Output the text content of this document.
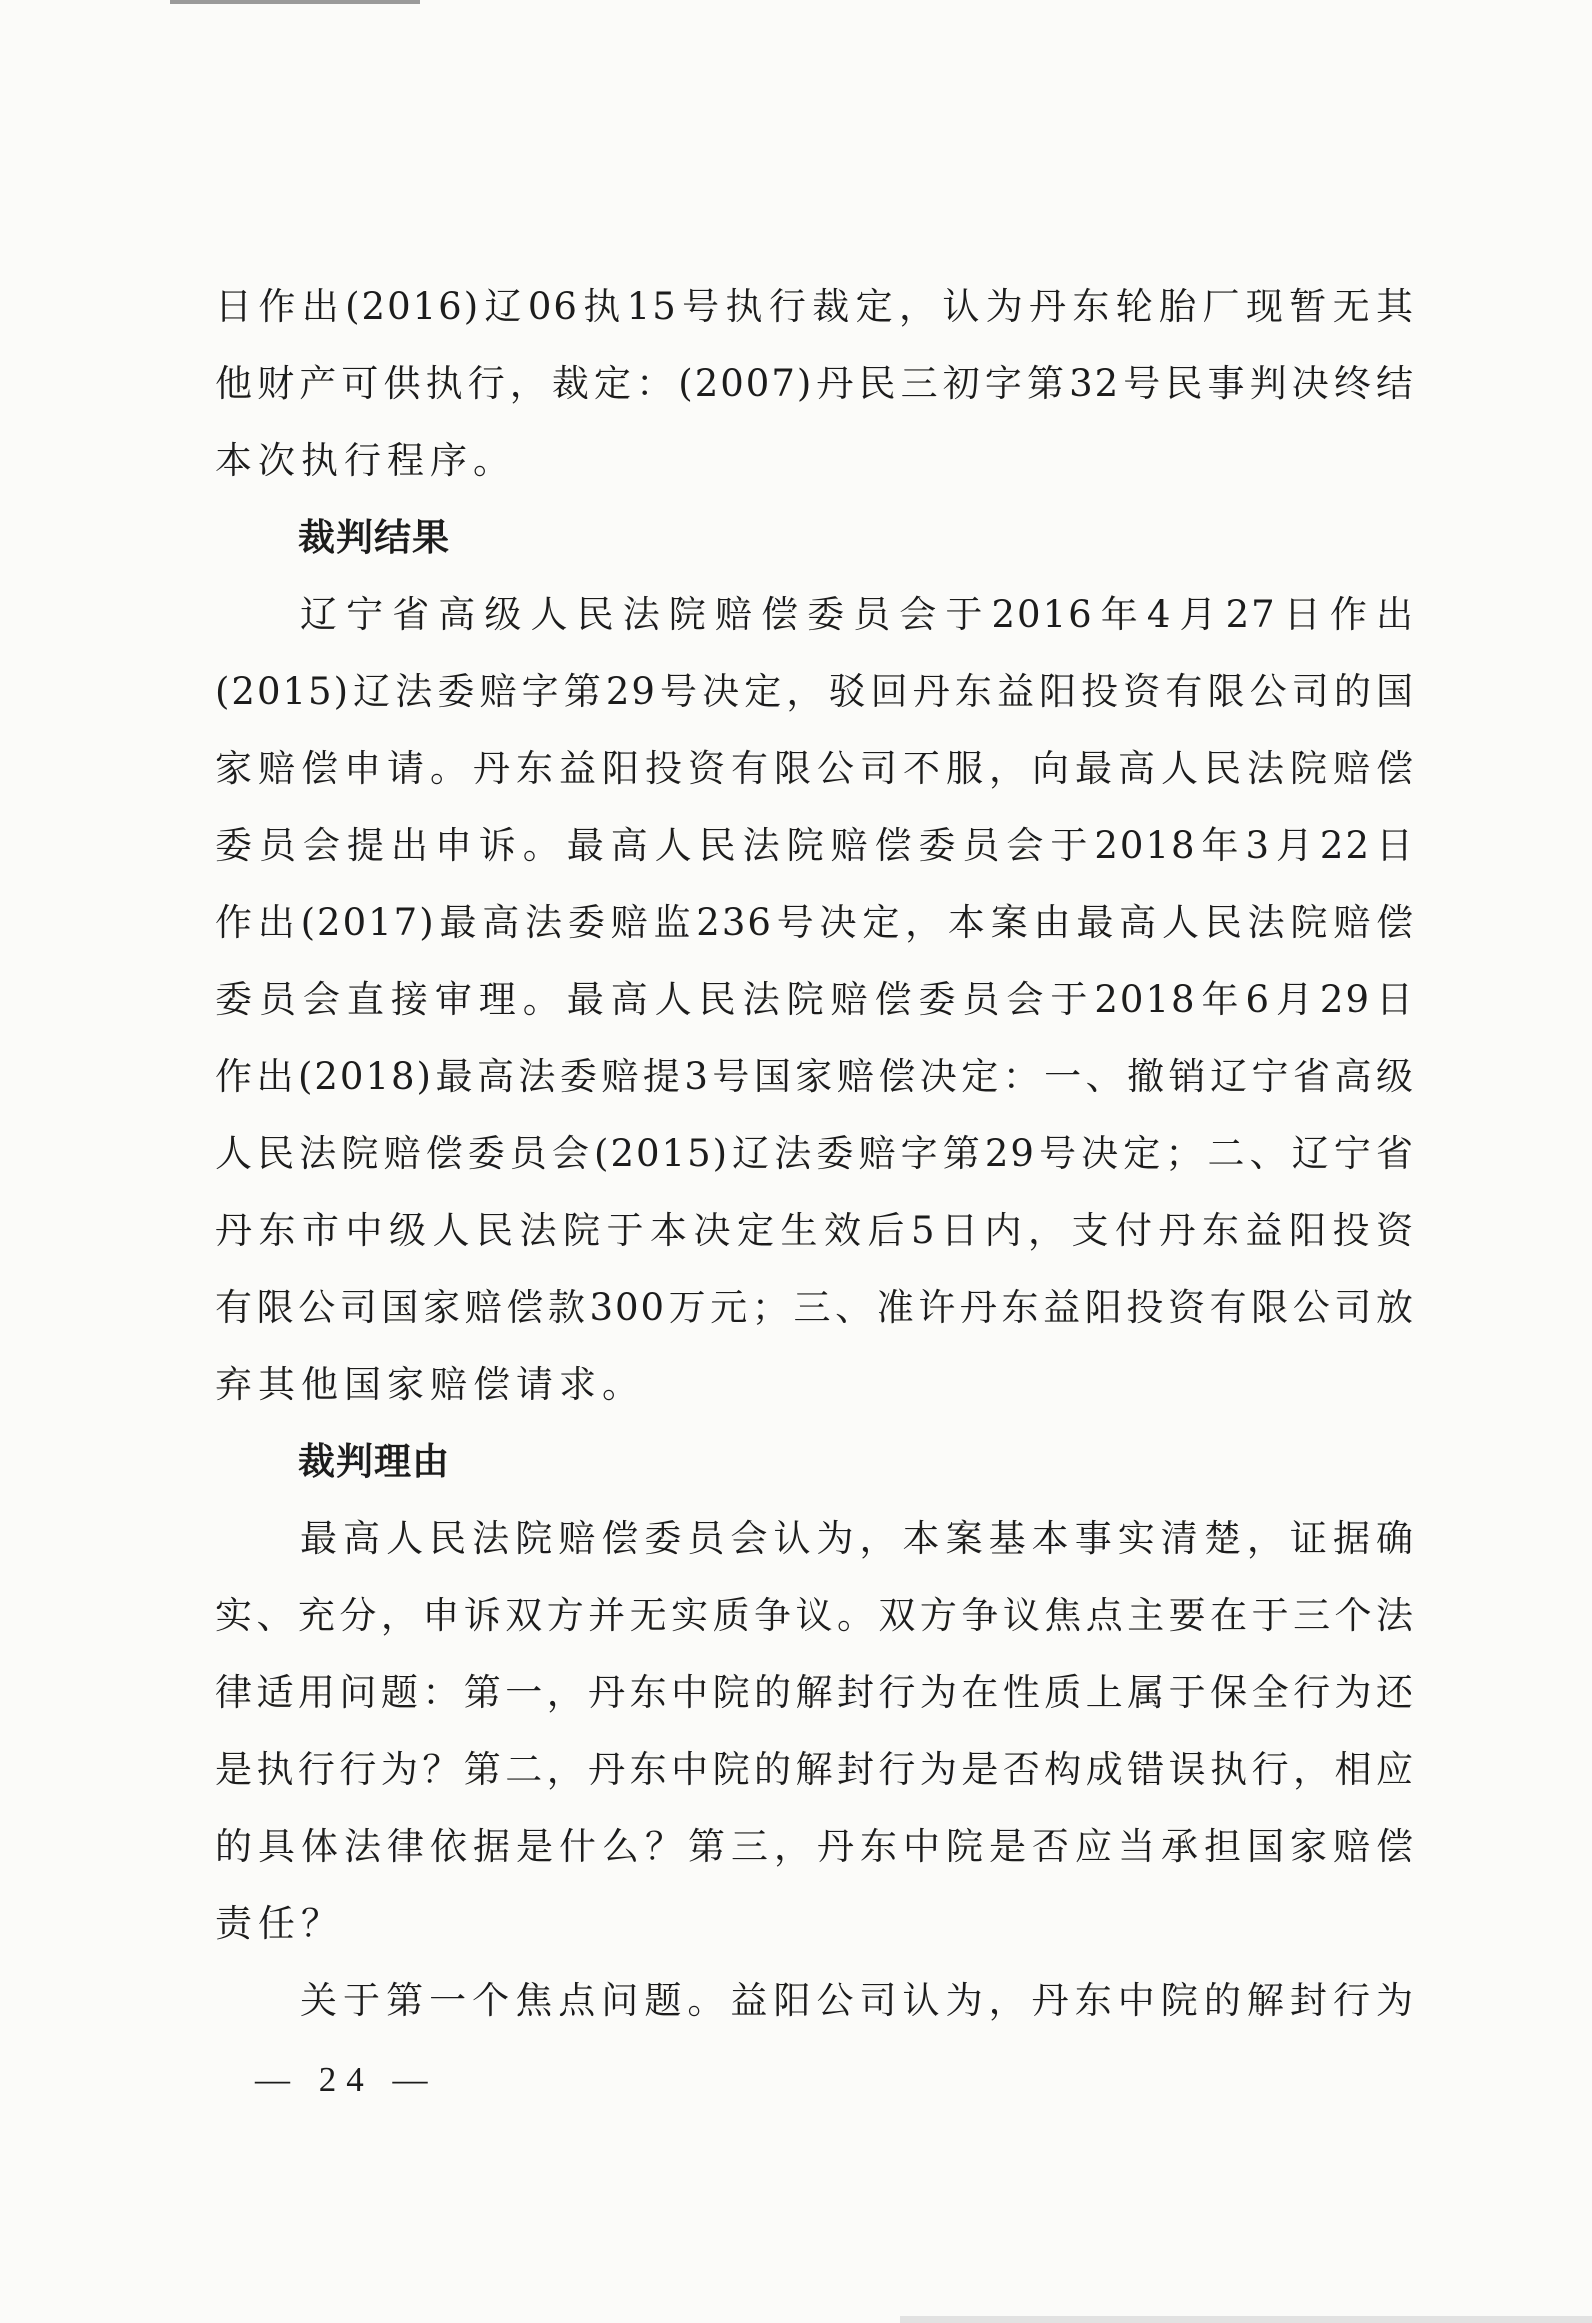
日作出(2016)辽06执15号执行裁定，认为丹东轮胎厂现暂无其
他财产可供执行，裁定：(2007)丹民三初字第32号民事判决终结
本次执行程序。
裁判结果
辽宁省高级人民法院赔偿委员会于2016年4月27日作出
(2015)辽法委赔字第29号决定，驳回丹东益阳投资有限公司的国
家赔偿申请。丹东益阳投资有限公司不服，向最高人民法院赔偿
委员会提出申诉。最高人民法院赔偿委员会于2018年3月22日
作出(2017)最高法委赔监236号决定，本案由最高人民法院赔偿
委员会直接审理。最高人民法院赔偿委员会于2018年6月29日
作出(2018)最高法委赔提3号国家赔偿决定：一、撤销辽宁省高级
人民法院赔偿委员会(2015)辽法委赔字第29号决定；二、辽宁省
丹东市中级人民法院于本决定生效后5日内，支付丹东益阳投资
有限公司国家赔偿款300万元；三、准许丹东益阳投资有限公司放
弃其他国家赔偿请求。
裁判理由
最高人民法院赔偿委员会认为，本案基本事实清楚，证据确
实、充分，申诉双方并无实质争议。双方争议焦点主要在于三个法
律适用问题：第一，丹东中院的解封行为在性质上属于保全行为还
是执行行为？第二，丹东中院的解封行为是否构成错误执行，相应
的具体法律依据是什么？第三，丹东中院是否应当承担国家赔偿
责任？
关于第一个焦点问题。益阳公司认为，丹东中院的解封行为
— 24 —
